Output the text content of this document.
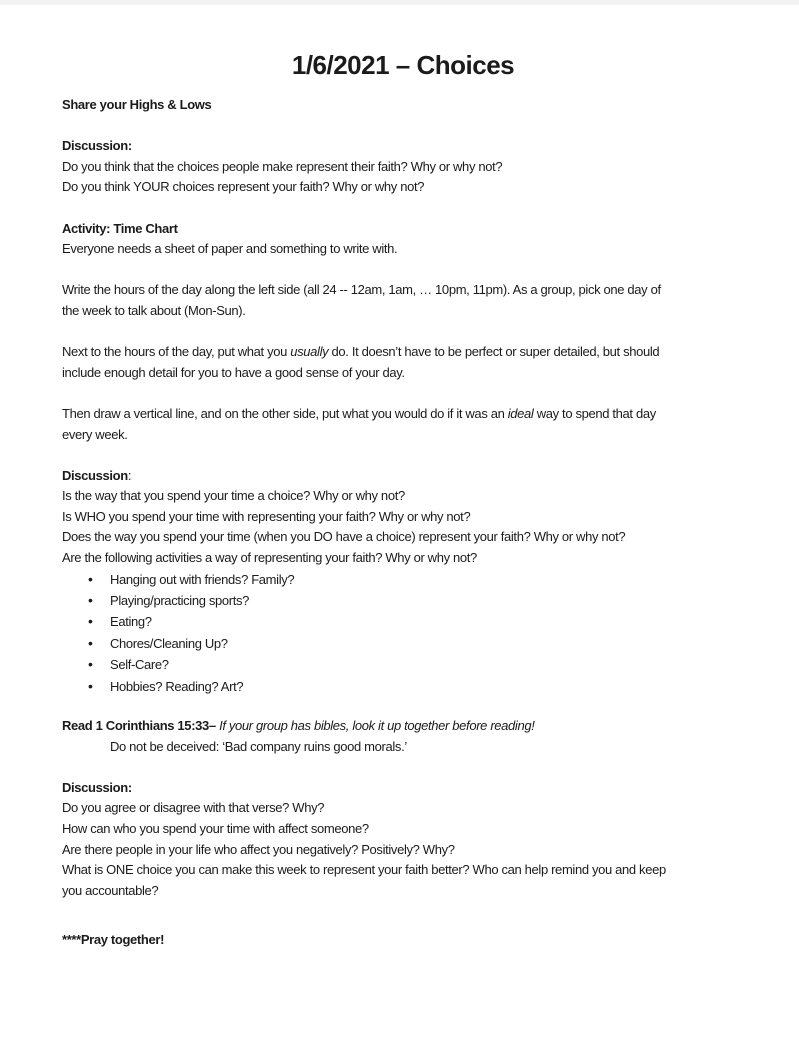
1/6/2021 – Choices

Share your Highs & Lows

Discussion:

Do you think that the choices people make represent their faith? Why or why not?

Do you think YOUR choices represent your faith? Why or why not?

Activity: Time Chart

Everyone needs a sheet of paper and something to write with.

Write the hours of the day along the left side (all 24 -- 12am, 1am, … 10pm, 11pm). As a group, pick one day of
the week to talk about (Mon-Sun).

Next to the hours of the day, put what you usually do. It doesn’t have to be perfect or super detailed, but should
include enough detail for you to have a good sense of your day.

Then draw a vertical line, and on the other side, put what you would do if it was an ideal way to spend that day
every week.

Discussion:

Is the way that you spend your time a choice? Why or why not?

Is WHO you spend your time with representing your faith? Why or why not?

Does the way you spend your time (when you DO have a choice) represent your faith? Why or why not?

Are the following activities a way of representing your faith? Why or why not?

• Hanging out with friends? Family?
• Playing/practicing sports?
• Eating?
• Chores/Cleaning Up?
• Self-Care?
• Hobbies? Reading? Art?

Read 1 Corinthians 15:33– If your group has bibles, look it up together before reading!

Do not be deceived: ‘Bad company ruins good morals.’

Discussion:

Do you agree or disagree with that verse? Why?

How can who you spend your time with affect someone?

Are there people in your life who affect you negatively? Positively? Why?

What is ONE choice you can make this week to represent your faith better? Who can help remind you and keep
you accountable?

****Pray together!
